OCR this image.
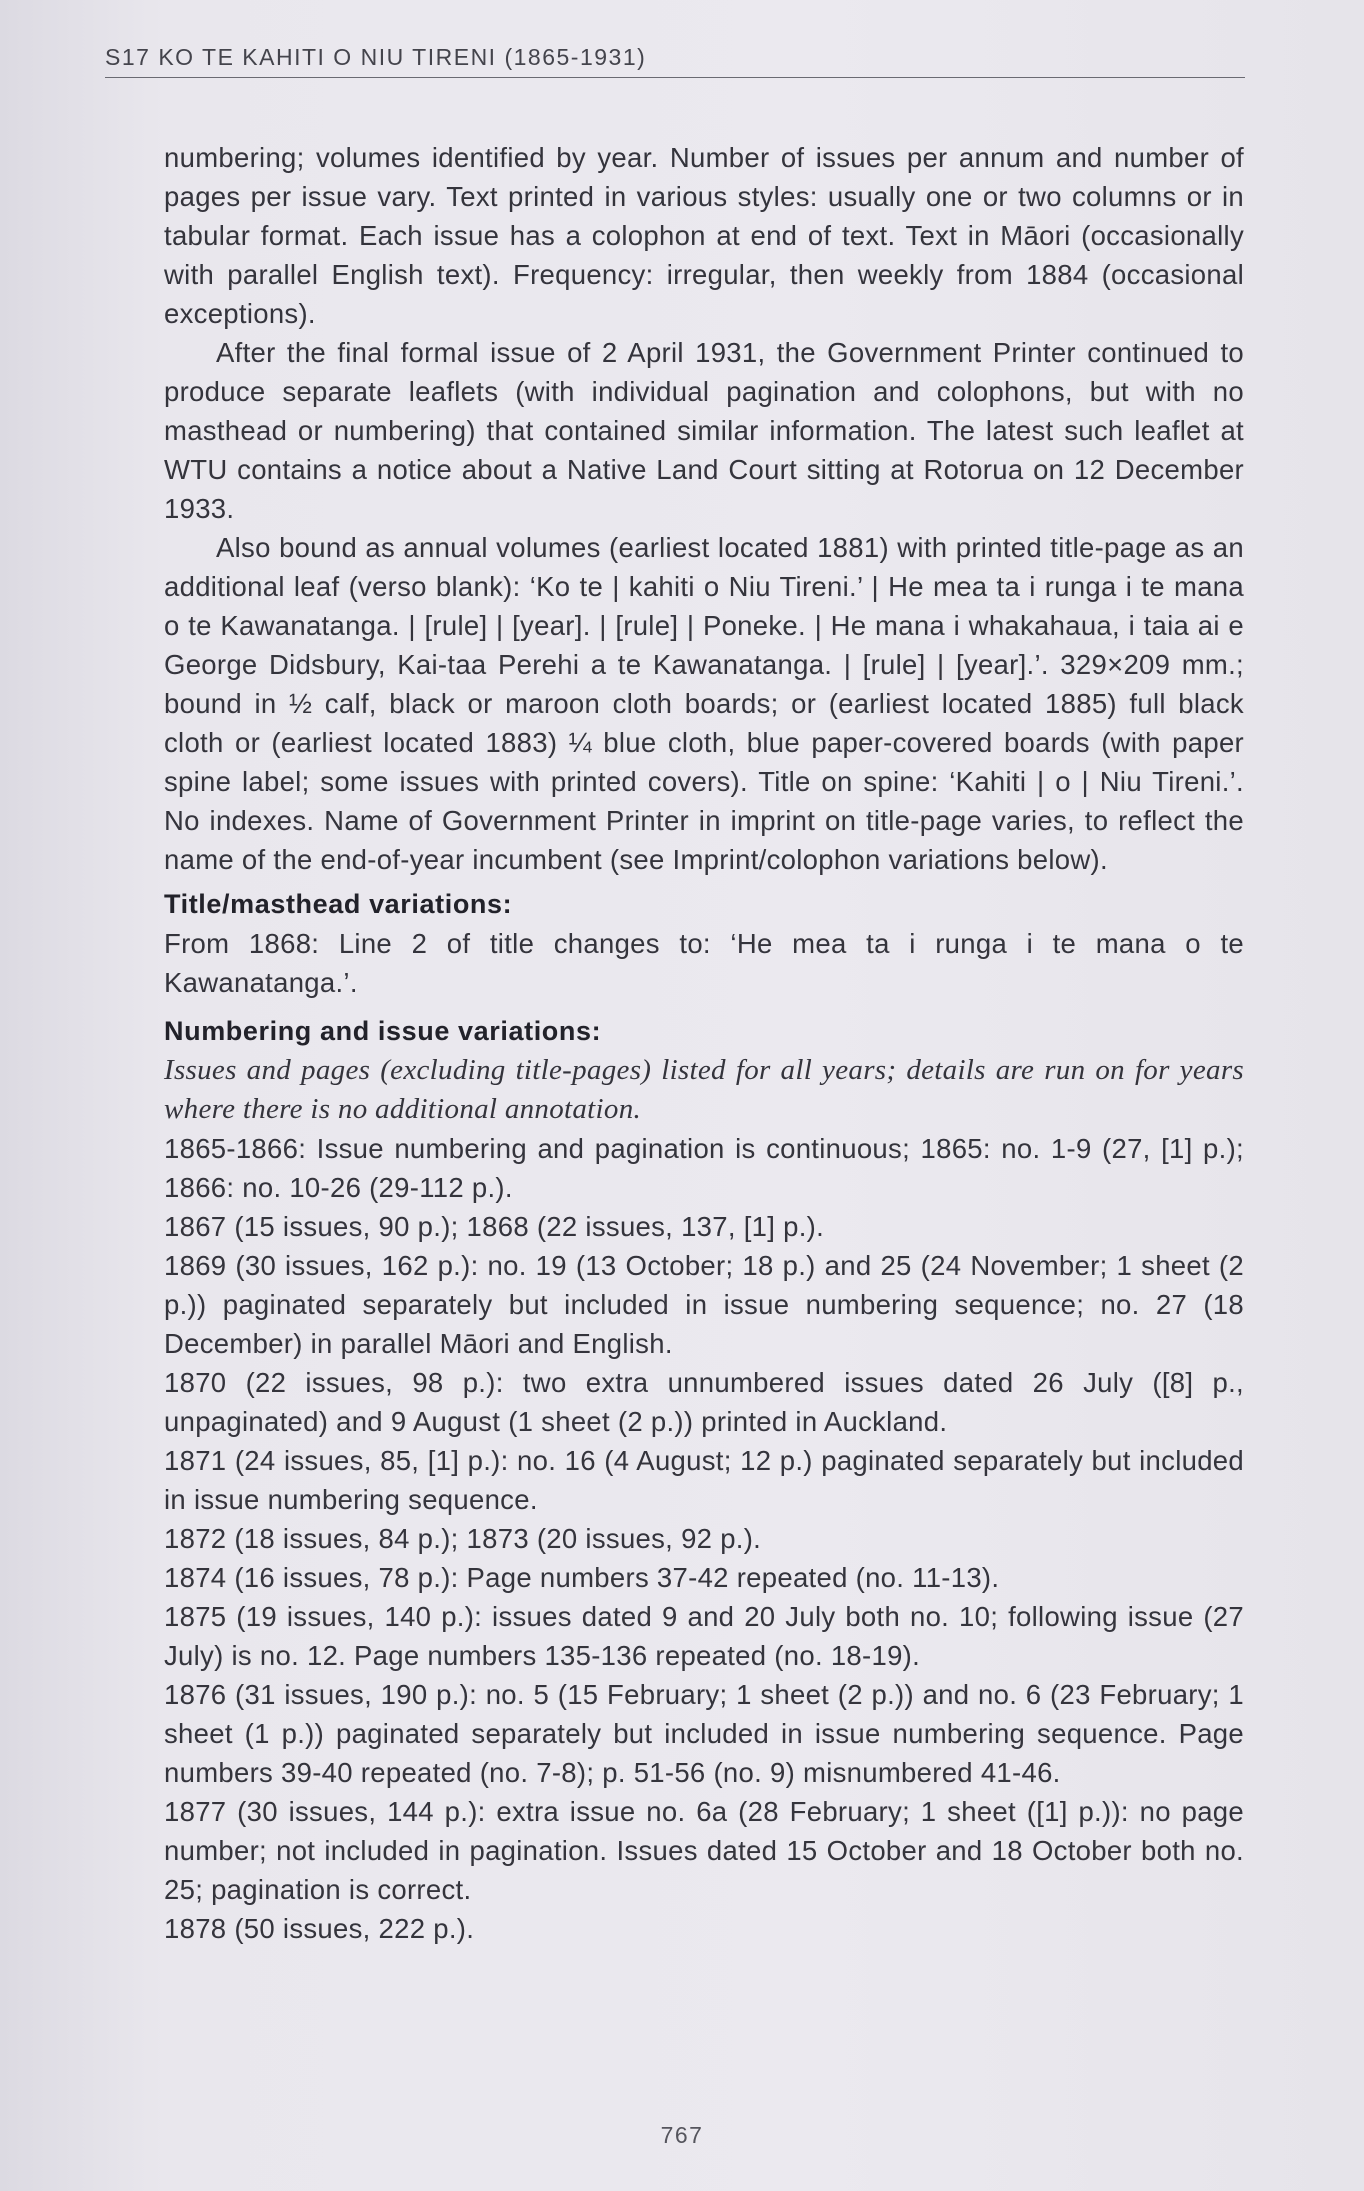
S17 KO TE KAHITI O NIU TIRENI (1865-1931)

numbering; volumes identified by year. Number of issues per annum and number of pages per issue vary. Text printed in various styles: usually one or two columns or in tabular format. Each issue has a colophon at end of text. Text in Māori (occasionally with parallel English text). Frequency: irregular, then weekly from 1884 (occasional exceptions).

After the final formal issue of 2 April 1931, the Government Printer continued to produce separate leaflets (with individual pagination and colophons, but with no masthead or numbering) that contained similar information. The latest such leaflet at WTU contains a notice about a Native Land Court sitting at Rotorua on 12 December 1933.

Also bound as annual volumes (earliest located 1881) with printed title-page as an additional leaf (verso blank): ‘Ko te | kahiti o Niu Tireni.’ | He mea ta i runga i te mana o te Kawanatanga. | [rule] | [year]. | [rule] | Poneke. | He mana i whakahaua, i taia ai e George Didsbury, Kai-taa Perehi a te Kawanatanga. | [rule] | [year].’. 329×209 mm.; bound in ½ calf, black or maroon cloth boards; or (earliest located 1885) full black cloth or (earliest located 1883) ¼ blue cloth, blue paper-covered boards (with paper spine label; some issues with printed covers). Title on spine: ‘Kahiti | o | Niu Tireni.’. No indexes. Name of Government Printer in imprint on title-page varies, to reflect the name of the end-of-year incumbent (see Imprint/colophon variations below).

Title/masthead variations:

From 1868: Line 2 of title changes to: ‘He mea ta i runga i te mana o te Kawanatanga.’.

Numbering and issue variations:

Issues and pages (excluding title-pages) listed for all years; details are run on for years where there is no additional annotation.

1865-1866: Issue numbering and pagination is continuous; 1865: no. 1-9 (27, [1] p.); 1866: no. 10-26 (29-112 p.).

1867 (15 issues, 90 p.); 1868 (22 issues, 137, [1] p.).

1869 (30 issues, 162 p.): no. 19 (13 October; 18 p.) and 25 (24 November; 1 sheet (2 p.)) paginated separately but included in issue numbering sequence; no. 27 (18 December) in parallel Māori and English.

1870 (22 issues, 98 p.): two extra unnumbered issues dated 26 July ([8] p., unpaginated) and 9 August (1 sheet (2 p.)) printed in Auckland.

1871 (24 issues, 85, [1] p.): no. 16 (4 August; 12 p.) paginated separately but included in issue numbering sequence.

1872 (18 issues, 84 p.); 1873 (20 issues, 92 p.).

1874 (16 issues, 78 p.): Page numbers 37-42 repeated (no. 11-13).

1875 (19 issues, 140 p.): issues dated 9 and 20 July both no. 10; following issue (27 July) is no. 12. Page numbers 135-136 repeated (no. 18-19).

1876 (31 issues, 190 p.): no. 5 (15 February; 1 sheet (2 p.)) and no. 6 (23 February; 1 sheet (1 p.)) paginated separately but included in issue numbering sequence. Page numbers 39-40 repeated (no. 7-8); p. 51-56 (no. 9) misnumbered 41-46.

1877 (30 issues, 144 p.): extra issue no. 6a (28 February; 1 sheet ([1] p.)): no page number; not included in pagination. Issues dated 15 October and 18 October both no. 25; pagination is correct.

1878 (50 issues, 222 p.).

767
